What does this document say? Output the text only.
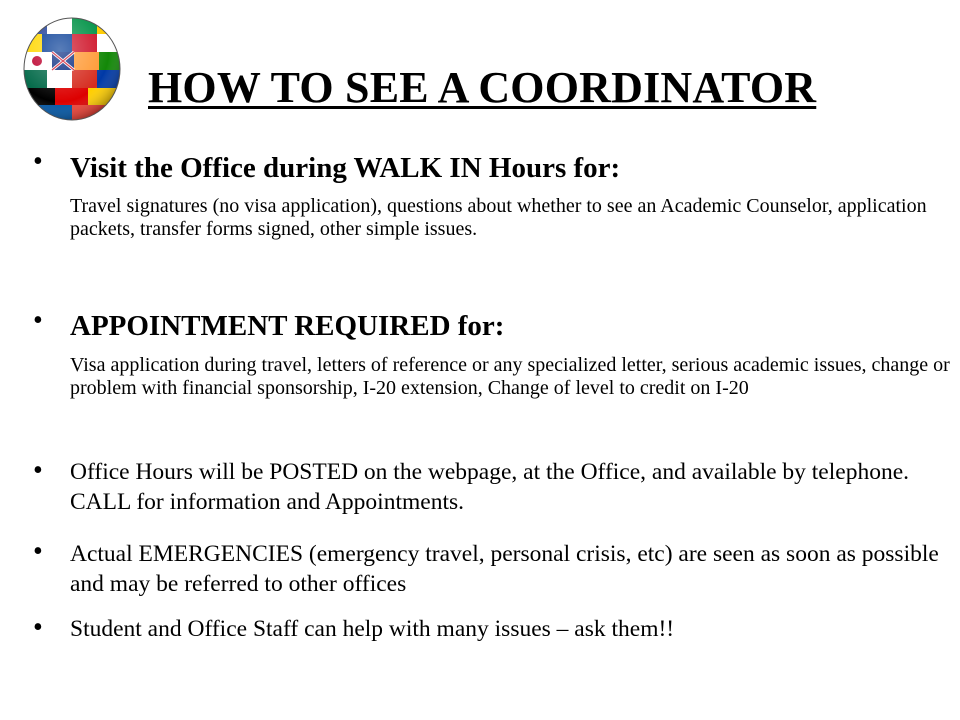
HOW TO SEE A COORDINATOR
• Visit the Office during WALK IN Hours for:
Travel signatures (no visa application), questions about whether to see an Academic Counselor, application packets, transfer forms signed, other simple issues.
• APPOINTMENT REQUIRED for:
Visa application during travel, letters of reference or any specialized letter, serious academic issues, change or problem with financial sponsorship, I-20 extension, Change of level to credit on I-20
• Office Hours will be POSTED on the webpage, at the Office, and available by telephone. CALL for information and Appointments.
• Actual EMERGENCIES (emergency travel, personal crisis, etc) are seen as soon as possible and may be referred to other offices
• Student and Office Staff can help with many issues – ask them!!
